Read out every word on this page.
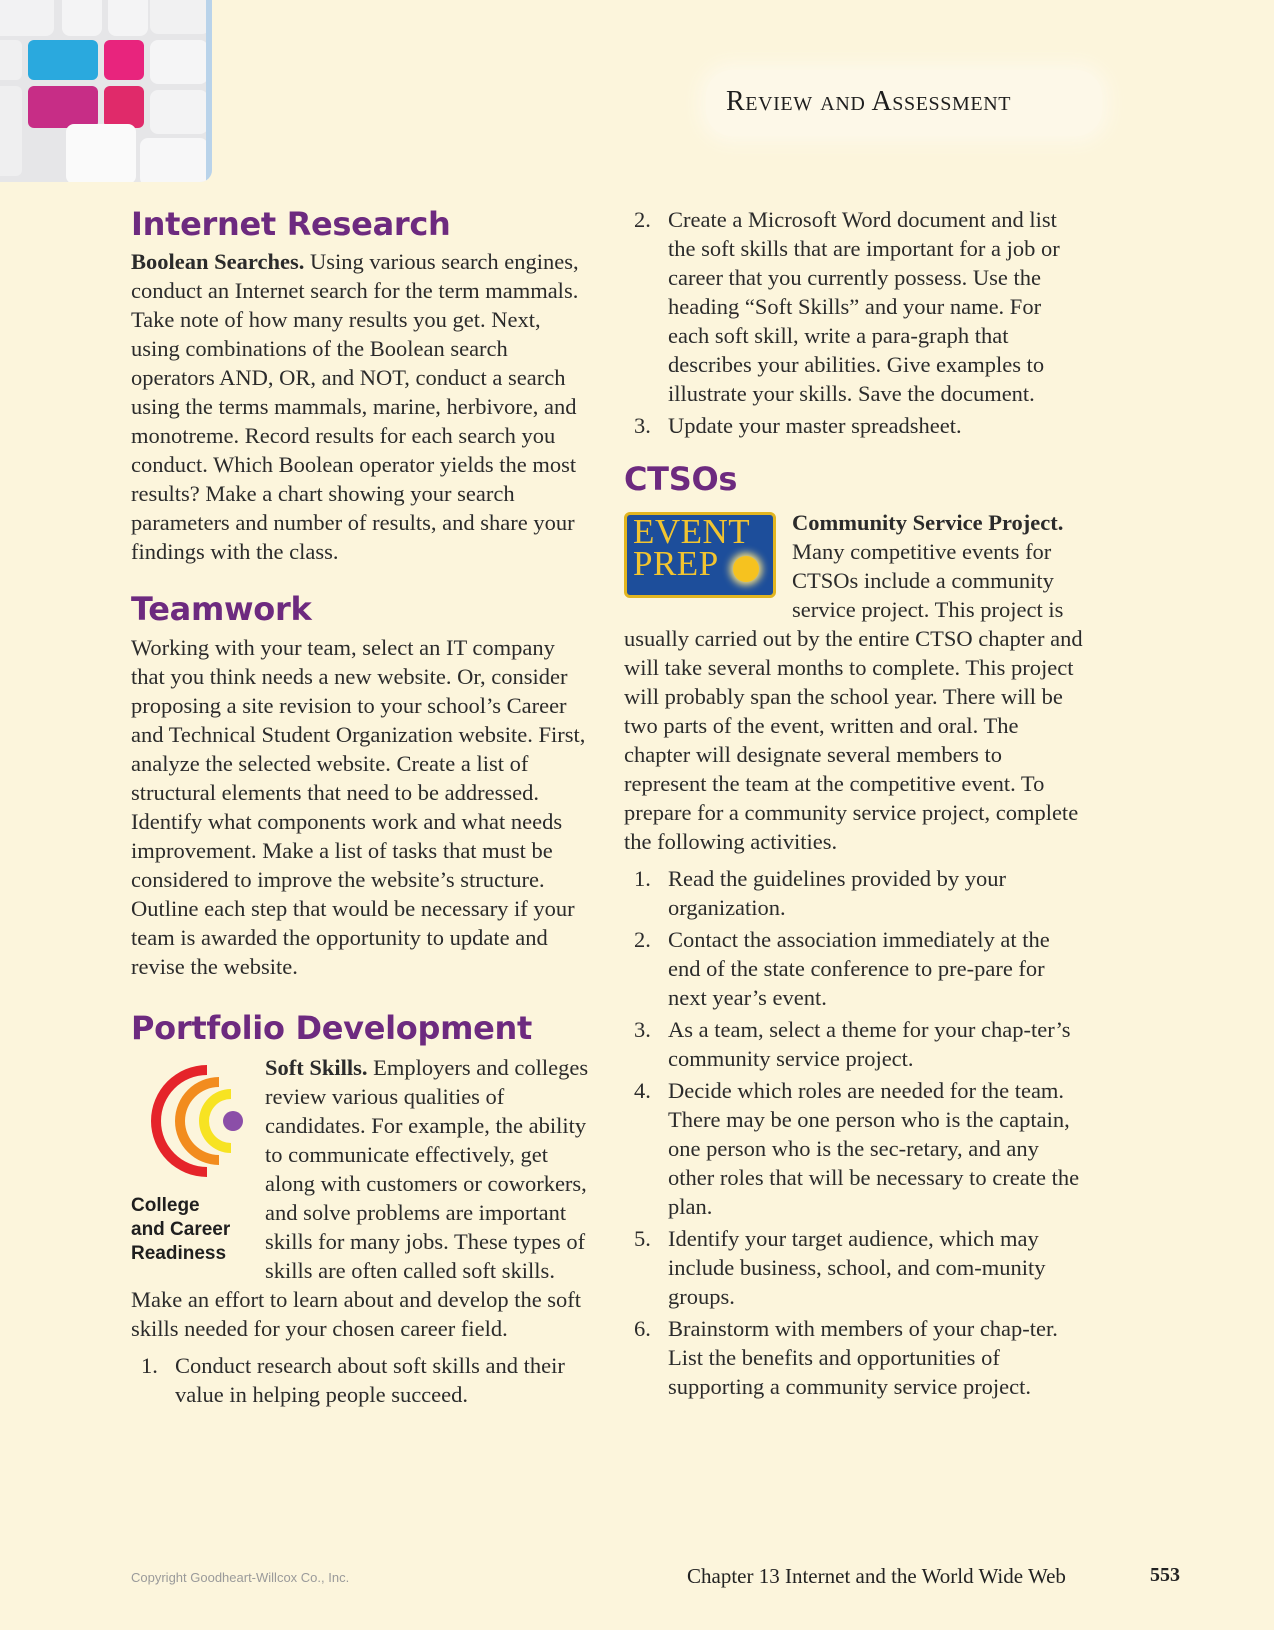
Review and Assessment
Internet Research

Boolean Searches. Using various search engines, conduct an Internet search for the term mammals. Take note of how many results you get. Next, using combinations of the Boolean search operators AND, OR, and NOT, conduct a search using the terms mammals, marine, herbivore, and monotreme. Record results for each search you conduct. Which Boolean operator yields the most results? Make a chart showing your search parameters and number of results, and share your findings with the class.

Teamwork

Working with your team, select an IT company that you think needs a new website. Or, consider proposing a site revision to your school’s Career and Technical Student Organization website. First, analyze the selected website. Create a list of structural elements that need to be addressed. Identify what components work and what needs improvement. Make a list of tasks that must be considered to improve the website’s structure. Outline each step that would be necessary if your team is awarded the opportunity to update and revise the website.

Portfolio Development
College
and Career
Readiness

Soft Skills. Employers and colleges review various qualities of candidates. For example, the ability to communicate effectively, get along with customers or coworkers, and solve problems are important skills for many jobs. These types of skills are often called soft skills. Make an effort to learn about and develop the soft skills needed for your chosen career field.

1. Conduct research about soft skills and their value in helping people succeed.
2. Create a Microsoft Word document and list the soft skills that are important for a job or career that you currently possess. Use the heading “Soft Skills” and your name. For each soft skill, write a para-graph that describes your abilities. Give examples to illustrate your skills. Save the document.
3. Update your master spreadsheet.
CTSOs
EVENT
PREP

Community Service Project. Many competitive events for CTSOs include a community service project. This project is usually carried out by the entire CTSO chapter and will take several months to complete. This project will probably span the school year. There will be two parts of the event, written and oral. The chapter will designate several members to represent the team at the competitive event. To prepare for a community service project, complete the following activities.

1. Read the guidelines provided by your organization.
2. Contact the association immediately at the end of the state conference to pre-pare for next year’s event.
3. As a team, select a theme for your chap-ter’s community service project.
4. Decide which roles are needed for the team. There may be one person who is the captain, one person who is the sec-retary, and any other roles that will be necessary to create the plan.
5. Identify your target audience, which may include business, school, and com-munity groups.
6. Brainstorm with members of your chap-ter. List the benefits and opportunities of supporting a community service project.
Copyright Goodheart-Willcox Co., Inc.	Chapter 13 Internet and the World Wide Web	553
